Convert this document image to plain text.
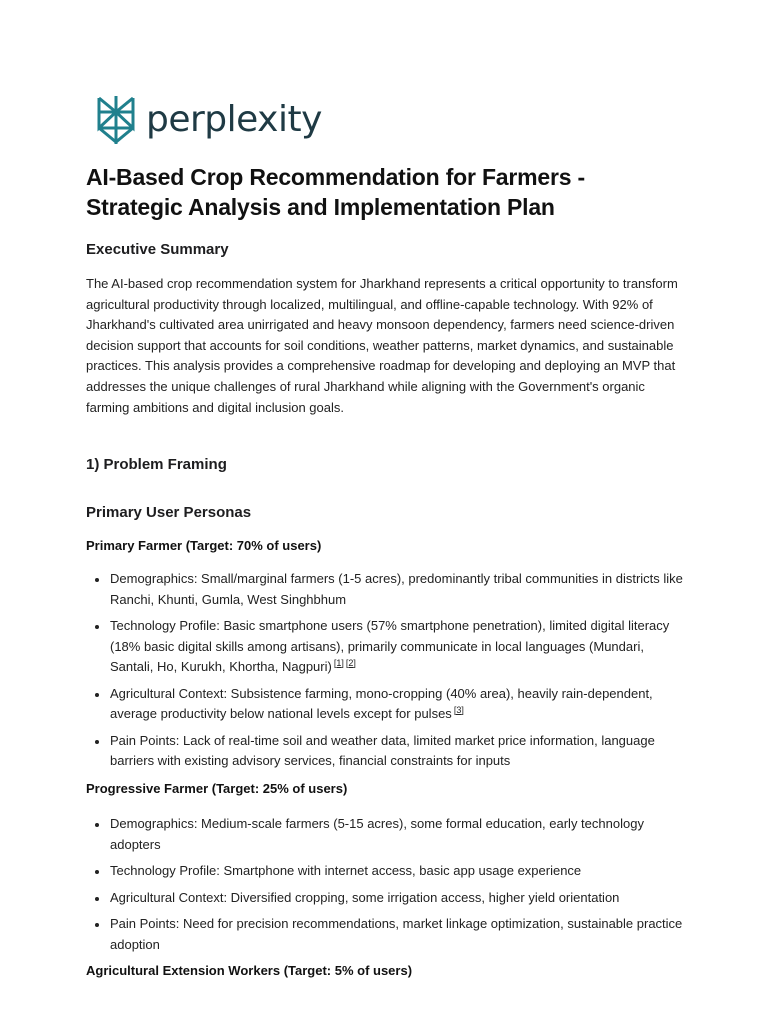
perplexity
AI-Based Crop Recommendation for Farmers - Strategic Analysis and Implementation Plan
Executive Summary

The AI-based crop recommendation system for Jharkhand represents a critical opportunity to transform agricultural productivity through localized, multilingual, and offline-capable technology. With 92% of Jharkhand's cultivated area unirrigated and heavy monsoon dependency, farmers need science-driven decision support that accounts for soil conditions, weather patterns, market dynamics, and sustainable practices. This analysis provides a comprehensive roadmap for developing and deploying an MVP that addresses the unique challenges of rural Jharkhand while aligning with the Government's organic farming ambitions and digital inclusion goals.

1) Problem Framing
Primary User Personas

Primary Farmer (Target: 70% of users)

Demographics: Small/marginal farmers (1-5 acres), predominantly tribal communities in districts like Ranchi, Khunti, Gumla, West Singhbhum
Technology Profile: Basic smartphone users (57% smartphone penetration), limited digital literacy (18% basic digital skills among artisans), primarily communicate in local languages (Mundari, Santali, Ho, Kurukh, Khortha, Nagpuri) [1] [2]
Agricultural Context: Subsistence farming, mono-cropping (40% area), heavily rain-dependent, average productivity below national levels except for pulses [3]
Pain Points: Lack of real-time soil and weather data, limited market price information, language barriers with existing advisory services, financial constraints for inputs

Progressive Farmer (Target: 25% of users)

Demographics: Medium-scale farmers (5-15 acres), some formal education, early technology adopters
Technology Profile: Smartphone with internet access, basic app usage experience
Agricultural Context: Diversified cropping, some irrigation access, higher yield orientation
Pain Points: Need for precision recommendations, market linkage optimization, sustainable practice adoption

Agricultural Extension Workers (Target: 5% of users)
